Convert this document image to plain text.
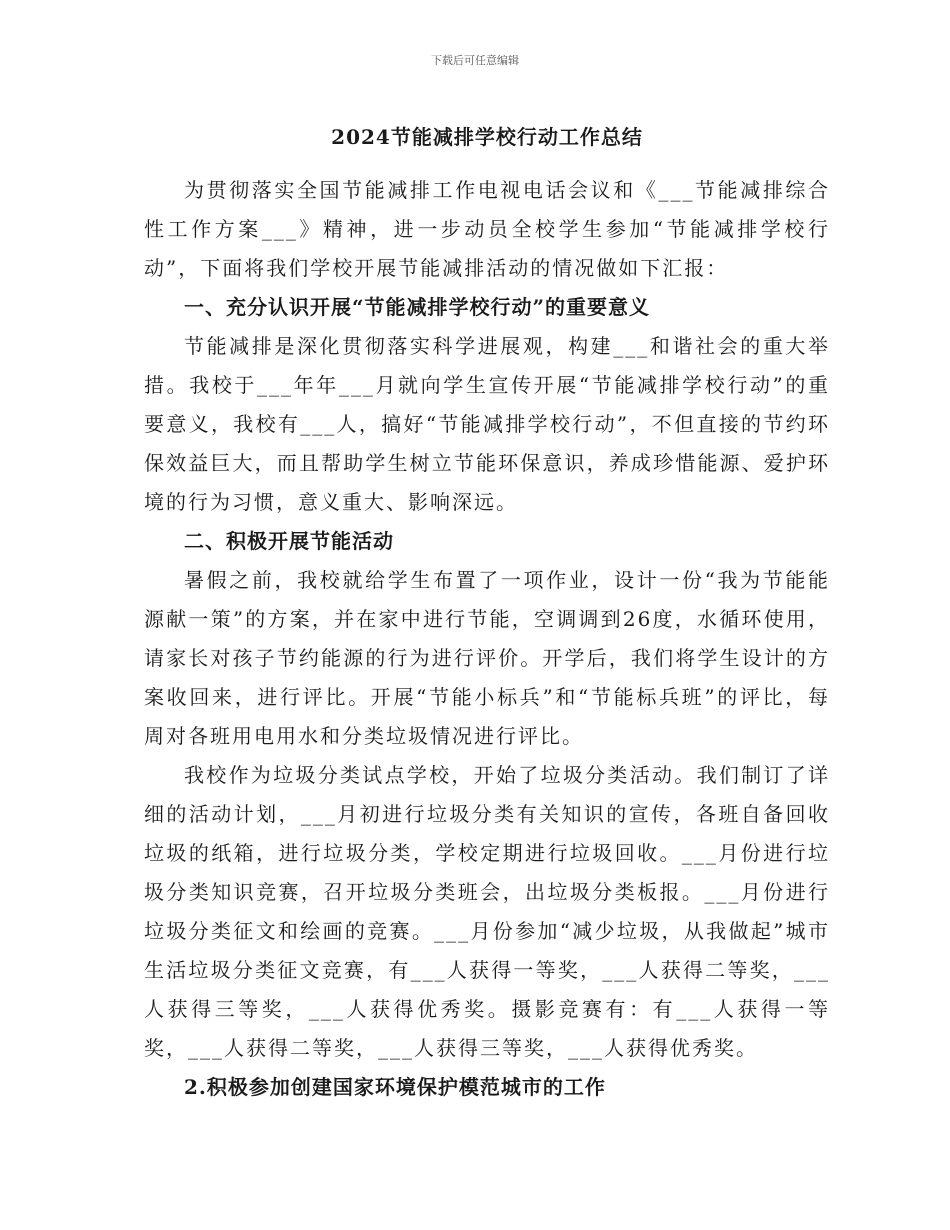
下载后可任意编辑
2024节能减排学校行动工作总结

为贯彻落实全国节能减排工作电视电话会议和《___节能减排综合性工作方案___》精神，进一步动员全校学生参加“节能减排学校行动”，下面将我们学校开展节能减排活动的情况做如下汇报：

一、充分认识开展“节能减排学校行动”的重要意义

节能减排是深化贯彻落实科学进展观，构建___和谐社会的重大举措。我校于___年年___月就向学生宣传开展“节能减排学校行动”的重要意义，我校有___人，搞好“节能减排学校行动”，不但直接的节约环保效益巨大，而且帮助学生树立节能环保意识，养成珍惜能源、爱护环境的行为习惯，意义重大、影响深远。

二、积极开展节能活动

暑假之前，我校就给学生布置了一项作业，设计一份“我为节能能源献一策”的方案，并在家中进行节能，空调调到26度，水循环使用，请家长对孩子节约能源的行为进行评价。开学后，我们将学生设计的方案收回来，进行评比。开展“节能小标兵”和“节能标兵班”的评比，每周对各班用电用水和分类垃圾情况进行评比。

我校作为垃圾分类试点学校，开始了垃圾分类活动。我们制订了详细的活动计划，___月初进行垃圾分类有关知识的宣传，各班自备回收垃圾的纸箱，进行垃圾分类，学校定期进行垃圾回收。___月份进行垃圾分类知识竞赛，召开垃圾分类班会，出垃圾分类板报。___月份进行垃圾分类征文和绘画的竞赛。___月份参加“减少垃圾，从我做起”城市生活垃圾分类征文竞赛，有___人获得一等奖，___人获得二等奖，___人获得三等奖，___人获得优秀奖。摄影竞赛有：有___人获得一等奖，___人获得二等奖，___人获得三等奖，___人获得优秀奖。

2.积极参加创建国家环境保护模范城市的工作
